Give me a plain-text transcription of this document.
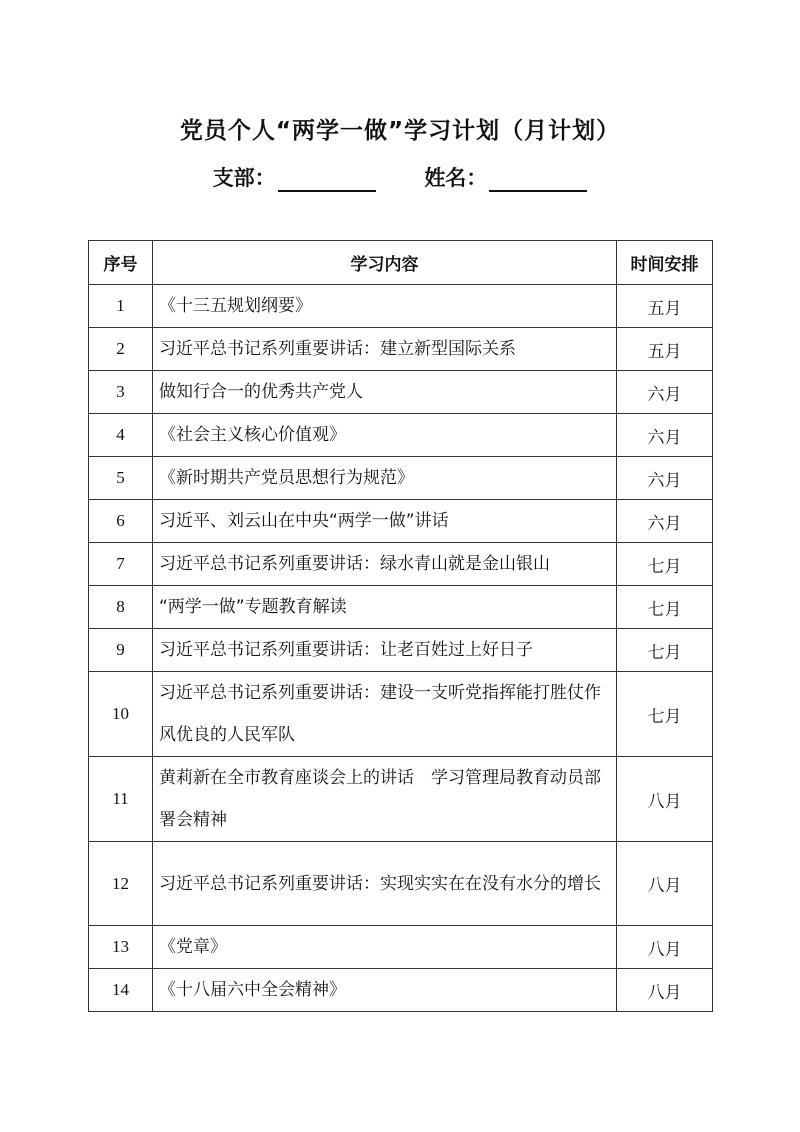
党员个人“两学一做”学习计划（月计划）
支部：	姓名：
序号	学习内容	时间安排
1	《十三五规划纲要》	五月
2	习近平总书记系列重要讲话：建立新型国际关系	五月
3	做知行合一的优秀共产党人	六月
4	《社会主义核心价值观》	六月
5	《新时期共产党员思想行为规范》	六月
6	习近平、刘云山在中央“两学一做”讲话	六月
7	习近平总书记系列重要讲话：绿水青山就是金山银山	七月
8	“两学一做”专题教育解读	七月
9	习近平总书记系列重要讲话：让老百姓过上好日子	七月
10	习近平总书记系列重要讲话：建设一支听党指挥能打胜仗作风优良的人民军队	七月
11	黄莉新在全市教育座谈会上的讲话　学习管理局教育动员部署会精神	八月
12	习近平总书记系列重要讲话：实现实实在在没有水分的增长	八月
13	《党章》	八月
14	《十八届六中全会精神》	八月
